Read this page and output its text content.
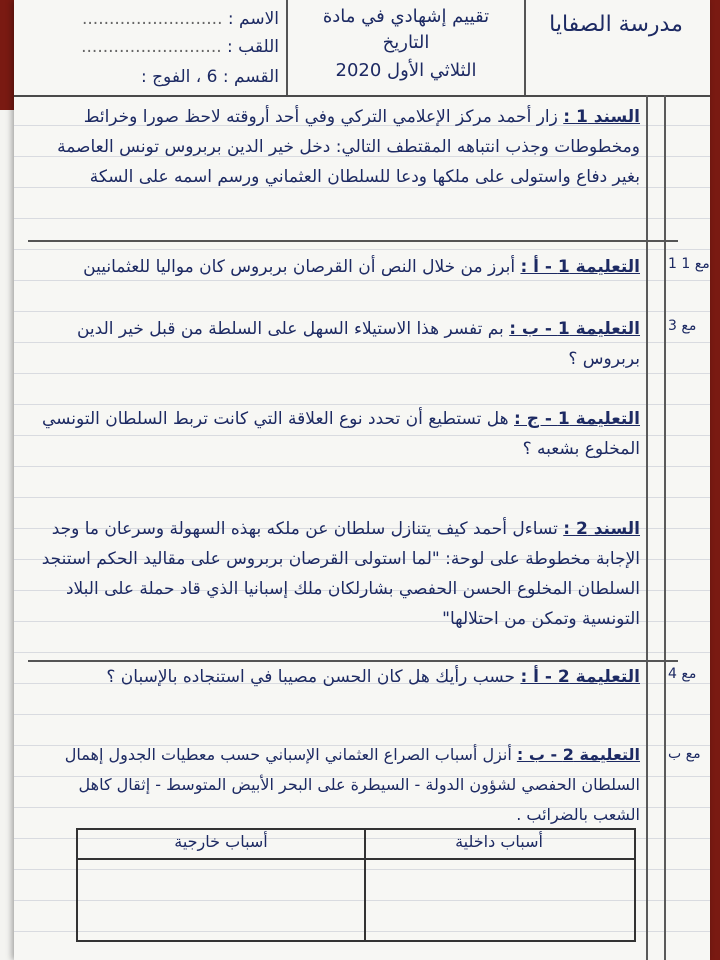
مدرسة الصفايا
تقييم إشهادي في مادة
التاريخ
الثلاثي الأول 2020
الاسم : ..........................
اللقب : ..........................
القسم : 6 ، الفوج :
السند 1 : زار أحمد مركز الإعلامي التركي وفي أحد أروقته لاحظ صورا وخرائط ومخطوطات وجذب انتباهه المقتطف التالي: دخل خير الدين بربروس تونس العاصمة بغير دفاع واستولى على ملكها ودعا للسلطان العثماني ورسم اسمه على السكة
التعليمة 1 - أ : أبرز من خلال النص أن القرصان بربروس كان مواليا للعثمانيين	مع 1 1
التعليمة 1 - ب : بم تفسر هذا الاستيلاء السهل على السلطة من قبل خير الدين بربروس ؟
مع 3
التعليمة 1 - ج : هل تستطيع أن تحدد نوع العلاقة التي كانت تربط السلطان التونسي المخلوع بشعبه ؟
السند 2 : تساءل أحمد كيف يتنازل سلطان عن ملكه بهذه السهولة وسرعان ما وجد الإجابة مخطوطة على لوحة: "لما استولى القرصان بربروس على مقاليد الحكم استنجد السلطان المخلوع الحسن الحفصي بشارلكان ملك إسبانيا الذي قاد حملة على البلاد التونسية وتمكن من احتلالها"
التعليمة 2 - أ : حسب رأيك هل كان الحسن مصيبا في استنجاده بالإسبان ؟	مع 4
التعليمة 2 - ب : أنزل أسباب الصراع العثماني الإسباني حسب معطيات الجدول إهمال السلطان الحفصي لشؤون الدولة - السيطرة على البحر الأبيض المتوسط - إثقال كاهل الشعب بالضرائب .
مع ب
أسباب خارجية	أسباب داخلية
